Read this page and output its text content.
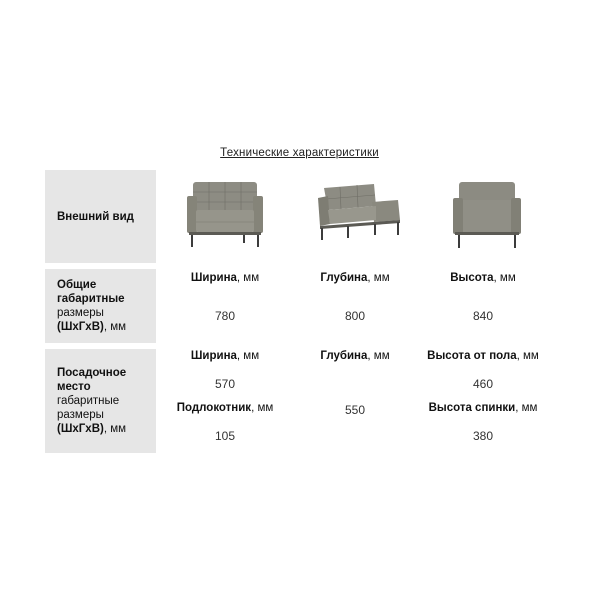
Технические характеристики
Внешний вид
Общие габаритные
размеры
(ШхГхВ), мм
Посадочное место
габаритные размеры
(ШхГхВ), мм
Ширина, мм
780
Глубина, мм
800
Высота, мм
840
Ширина, мм
570
Подлокотник, мм
105
Глубина, мм
550
Высота от пола, мм
460
Высота спинки, мм
380
